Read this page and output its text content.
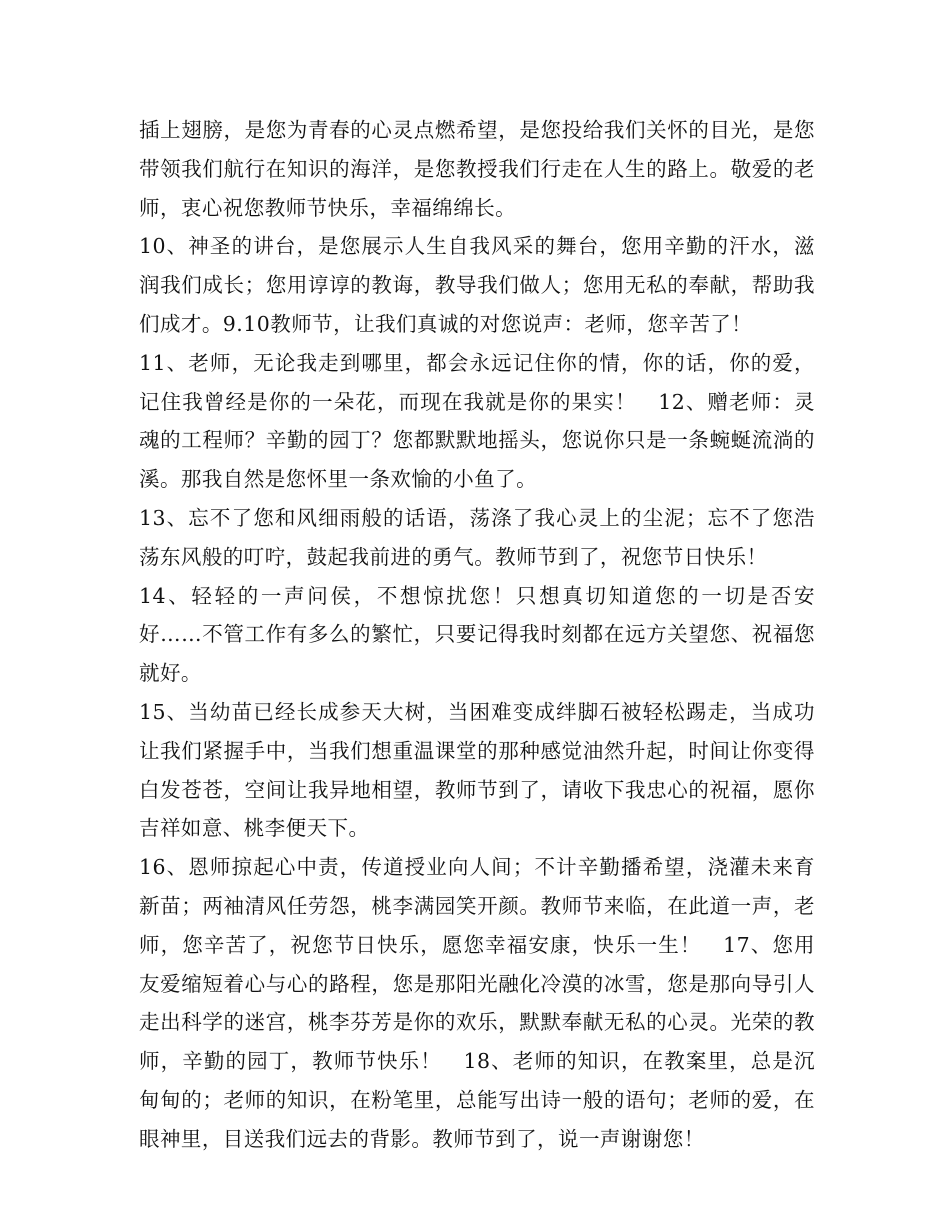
插上翅膀，是您为青春的心灵点燃希望，是您投给我们关怀的目光，是您带领我们航行在知识的海洋，是您教授我们行走在人生的路上。敬爱的老师，衷心祝您教师节快乐，幸福绵绵长。

10、神圣的讲台，是您展示人生自我风采的舞台，您用辛勤的汗水，滋润我们成长；您用谆谆的教诲，教导我们做人；您用无私的奉献，帮助我们成才。9.10教师节，让我们真诚的对您说声：老师，您辛苦了！

11、老师，无论我走到哪里，都会永远记住你的情，你的话，你的爱，记住我曾经是你的一朵花，而现在我就是你的果实！　12、赠老师：灵魂的工程师？辛勤的园丁？您都默默地摇头，您说你只是一条蜿蜒流淌的溪。那我自然是您怀里一条欢愉的小鱼了。

13、忘不了您和风细雨般的话语，荡涤了我心灵上的尘泥；忘不了您浩荡东风般的叮咛，鼓起我前进的勇气。教师节到了，祝您节日快乐！

14、轻轻的一声问侯，不想惊扰您！只想真切知道您的一切是否安好……不管工作有多么的繁忙，只要记得我时刻都在远方关望您、祝福您就好。

15、当幼苗已经长成参天大树，当困难变成绊脚石被轻松踢走，当成功让我们紧握手中，当我们想重温课堂的那种感觉油然升起，时间让你变得白发苍苍，空间让我异地相望，教师节到了，请收下我忠心的祝福，愿你吉祥如意、桃李便天下。

16、恩师掠起心中责，传道授业向人间；不计辛勤播希望，浇灌未来育新苗；两袖清风任劳怨，桃李满园笑开颜。教师节来临，在此道一声，老师，您辛苦了，祝您节日快乐，愿您幸福安康，快乐一生！　17、您用友爱缩短着心与心的路程，您是那阳光融化冷漠的冰雪，您是那向导引人走出科学的迷宫，桃李芬芳是你的欢乐，默默奉献无私的心灵。光荣的教师，辛勤的园丁，教师节快乐！　18、老师的知识，在教案里，总是沉甸甸的；老师的知识，在粉笔里，总能写出诗一般的语句；老师的爱，在眼神里，目送我们远去的背影。教师节到了，说一声谢谢您！
